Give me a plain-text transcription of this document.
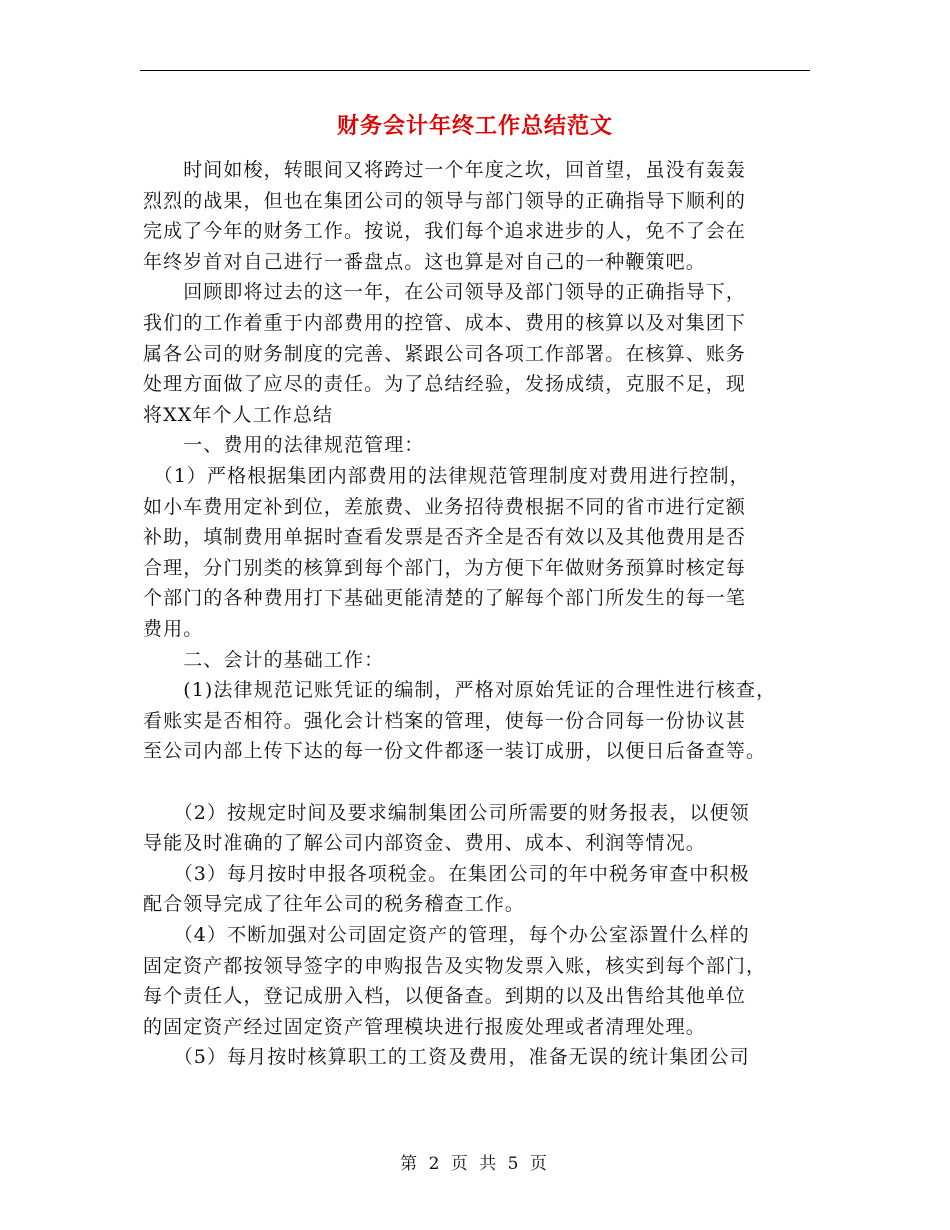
财务会计年终工作总结范文
　　时间如梭，转眼间又将跨过一个年度之坎，回首望，虽没有轰轰
烈烈的战果，但也在集团公司的领导与部门领导的正确指导下顺利的
完成了今年的财务工作。按说，我们每个追求进步的人，免不了会在
年终岁首对自己进行一番盘点。这也算是对自己的一种鞭策吧。
　　回顾即将过去的这一年，在公司领导及部门领导的正确指导下，
我们的工作着重于内部费用的控管、成本、费用的核算以及对集团下
属各公司的财务制度的完善、紧跟公司各项工作部署。在核算、账务
处理方面做了应尽的责任。为了总结经验，发扬成绩，克服不足，现
将XX年个人工作总结
　　一、费用的法律规范管理：
　（1）严格根据集团内部费用的法律规范管理制度对费用进行控制，
如小车费用定补到位，差旅费、业务招待费根据不同的省市进行定额
补助，填制费用单据时查看发票是否齐全是否有效以及其他费用是否
合理，分门别类的核算到每个部门，为方便下年做财务预算时核定每
个部门的各种费用打下基础更能清楚的了解每个部门所发生的每一笔
费用。
　　二、会计的基础工作：
　　(1)法律规范记账凭证的编制，严格对原始凭证的合理性进行核查，
看账实是否相符。强化会计档案的管理，使每一份合同每一份协议甚
至公司内部上传下达的每一份文件都逐一装订成册，以便日后备查等。
　　（2）按规定时间及要求编制集团公司所需要的财务报表，以便领
导能及时准确的了解公司内部资金、费用、成本、利润等情况。
　　（3）每月按时申报各项税金。在集团公司的年中税务审查中积极
配合领导完成了往年公司的税务稽查工作。
　　（4）不断加强对公司固定资产的管理，每个办公室添置什么样的
固定资产都按领导签字的申购报告及实物发票入账，核实到每个部门，
每个责任人，登记成册入档，以便备查。到期的以及出售给其他单位
的固定资产经过固定资产管理模块进行报废处理或者清理处理。
　　（5）每月按时核算职工的工资及费用，准备无误的统计集团公司
第 2 页 共 5 页
